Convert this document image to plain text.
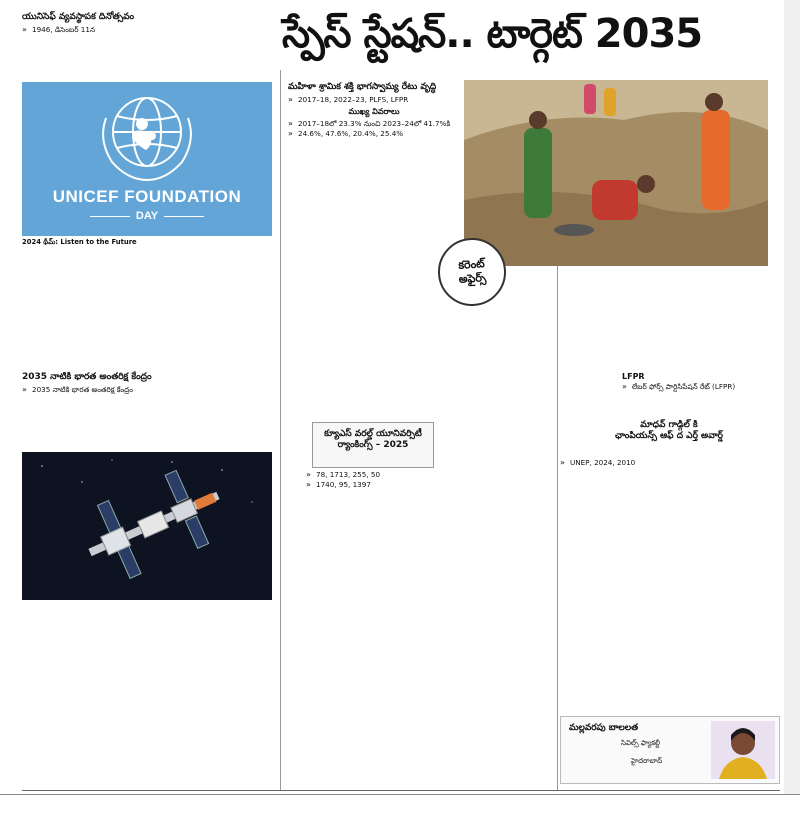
స్పేస్ స్టేషన్.. టార్గెట్ 2035
యునిసెఫ్ వ్యవస్థాపక దినోత్సవం
» 1946, డిసెంబర్ 11న
UNICEF FOUNDATION
DAY
2024 థీమ్: Listen to the Future
2035 నాటికి భారత అంతరిక్ష కేంద్రం
» 2035 నాటికి భారత అంతరిక్ష కేంద్రం
మహిళా శ్రామిక శక్తి భాగస్వామ్య రేటు వృద్ధి
» 2017–18, 2022–23, PLFS, LFPR
ముఖ్య వివరాలు
» 2017–18లో 23.3% నుంచి 2023–24లో 41.7%కి
» 24.6%, 47.6%, 20.4%, 25.4%
కరెంట్
అఫైర్స్
LFPR
» లేబర్ ఫోర్స్ పార్టిసిపేషన్ రేట్ (LFPR)
క్యూఎస్ వరల్డ్ యూనివర్సిటీ ర్యాంకింగ్స్ – 2025
» 78, 1713, 255, 50
» 1740, 95, 1397
మాధవ్ గాడ్గిల్ కి
ఛాంపియన్స్ ఆఫ్ ద ఎర్త్ అవార్డ్
» UNEP, 2024, 2010
మల్లవరపు బాలలత
సివిల్స్ ఫ్యాకల్టీ
హైదరాబాద్
